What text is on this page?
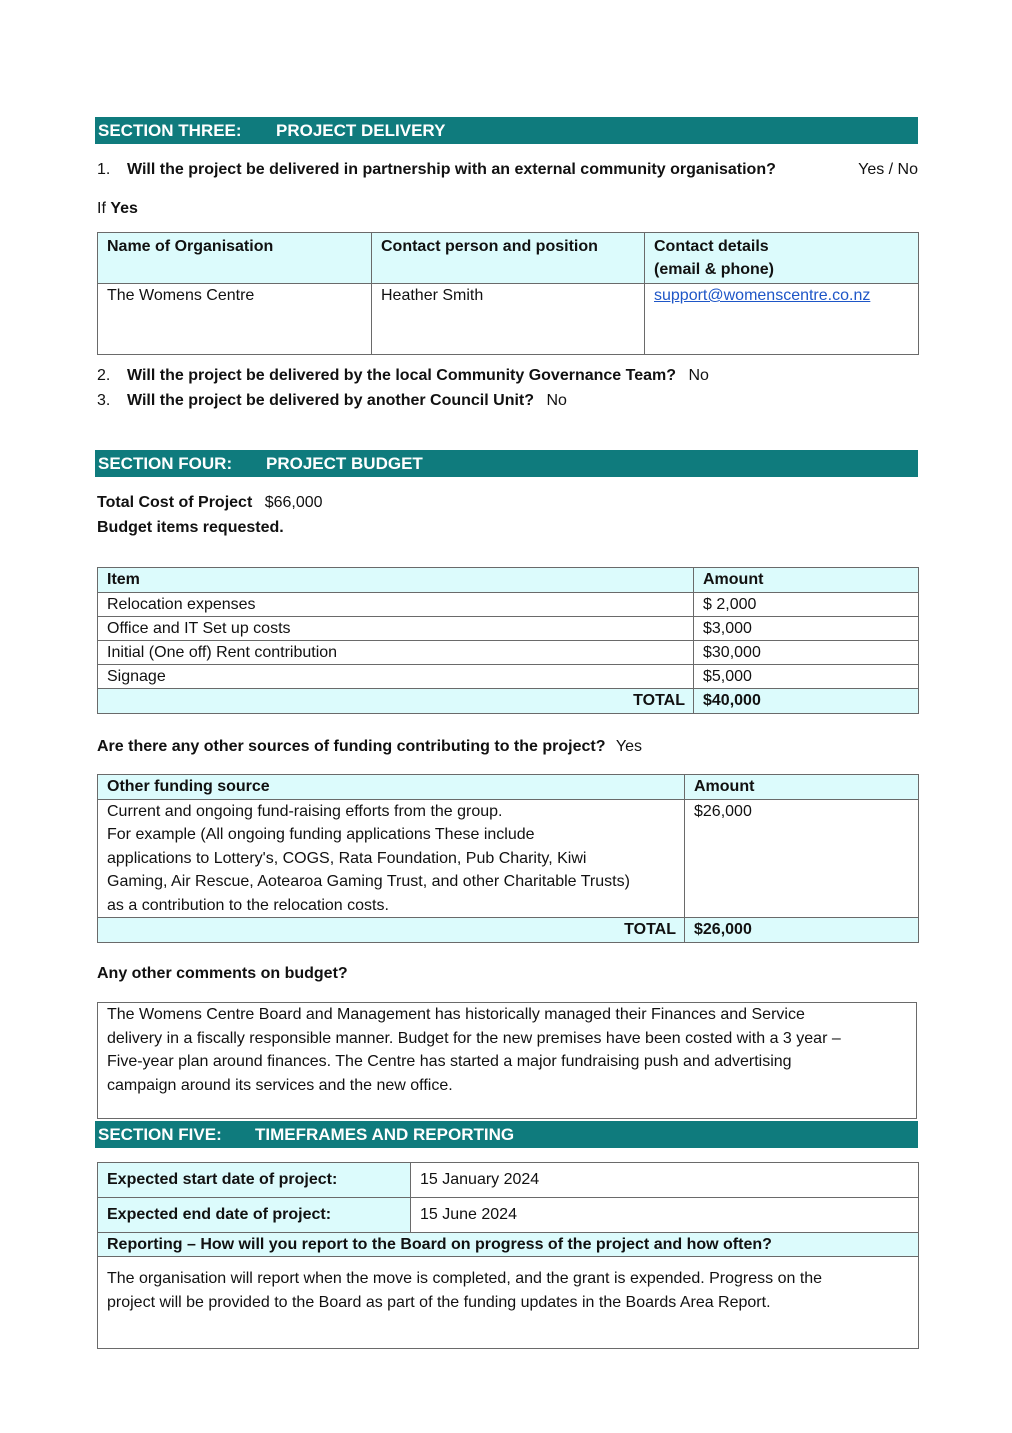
SECTION THREE: PROJECT DELIVERY
1. Will the project be delivered in partnership with an external community organisation?	Yes / No
If Yes
Name of Organisation	Contact person and position	Contact details
(email & phone)

The Womens Centre	Heather Smith	support@womenscentre.co.nz
2. Will the project be delivered by the local Community Governance Team? No
3. Will the project be delivered by another Council Unit? No
SECTION FOUR: PROJECT BUDGET
Total Cost of Project $66,000
Budget items requested.
Item	Amount
Relocation expenses	$ 2,000
Office and IT Set up costs	$3,000
Initial (One off) Rent contribution	$30,000
Signage	$5,000
TOTAL	$40,000
Are there any other sources of funding contributing to the project? Yes
Other funding source	Amount

Current and ongoing fund-raising efforts from the group.
For example (All ongoing funding applications These include
applications to Lottery's, COGS, Rata Foundation, Pub Charity, Kiwi
Gaming, Air Rescue, Aotearoa Gaming Trust, and other Charitable Trusts)
as a contribution to the relocation costs.	$26,000
TOTAL	$26,000
Any other comments on budget?
The Womens Centre Board and Management has historically managed their Finances and Service
delivery in a fiscally responsible manner. Budget for the new premises have been costed with a 3 year –
Five-year plan around finances. The Centre has started a major fundraising push and advertising
campaign around its services and the new office.
SECTION FIVE: TIMEFRAMES AND REPORTING
Expected start date of project:	15 January 2024
Expected end date of project:	15 June 2024
Reporting – How will you report to the Board on progress of the project and how often?	

The organisation will report when the move is completed, and the grant is expended. Progress on the
project will be provided to the Board as part of the funding updates in the Boards Area Report.	
